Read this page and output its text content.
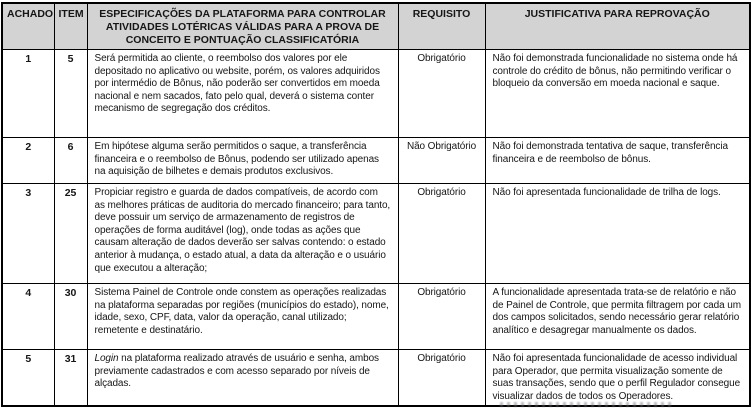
ACHADO	ITEM	ESPECIFICAÇÕES DA PLATAFORMA PARA CONTROLAR ATIVIDADES LOTÉRICAS VÁLIDAS PARA A PROVA DE CONCEITO E PONTUAÇÃO CLASSIFICATÓRIA	REQUISITO	JUSTIFICATIVA PARA REPROVAÇÃO
1	5	Será permitida ao cliente, o reembolso dos valores por ele depositado no aplicativo ou website, porém, os valores adquiridos por intermédio de Bônus, não poderão ser convertidos em moeda nacional e nem sacados, fato pelo qual, deverá o sistema conter mecanismo de segregação dos créditos.	Obrigatório	Não foi demonstrada funcionalidade no sistema onde há controle do crédito de bônus, não permitindo verificar o bloqueio da conversão em moeda nacional e saque.
2	6	Em hipótese alguma serão permitidos o saque, a transferência financeira e o reembolso de Bônus, podendo ser utilizado apenas na aquisição de bilhetes e demais produtos exclusivos.	Não Obrigatório	Não foi demonstrada tentativa de saque, transferência financeira e de reembolso de bônus.
3	25	Propiciar registro e guarda de dados compatíveis, de acordo com as melhores práticas de auditoria do mercado financeiro; para tanto, deve possuir um serviço de armazenamento de registros de operações de forma auditável (log), onde todas as ações que causam alteração de dados deverão ser salvas contendo: o estado anterior à mudança, o estado atual, a data da alteração e o usuário que executou a alteração;	Obrigatório	Não foi apresentada funcionalidade de trilha de logs.
4	30	Sistema Painel de Controle onde constem as operações realizadas na plataforma separadas por regiões (municípios do estado), nome, idade, sexo, CPF, data, valor da operação, canal utilizado; remetente e destinatário.	Obrigatório	A funcionalidade apresentada trata-se de relatório e não de Painel de Controle, que permita filtragem por cada um dos campos solicitados, sendo necessário gerar relatório analítico e desagregar manualmente os dados.
5	31	Login na plataforma realizado através de usuário e senha, ambos previamente cadastrados e com acesso separado por níveis de alçadas.	Obrigatório	Não foi apresentada funcionalidade de acesso individual para Operador, que permita visualização somente de suas transações, sendo que o perfil Regulador consegue visualizar dados de todos os Operadores.
